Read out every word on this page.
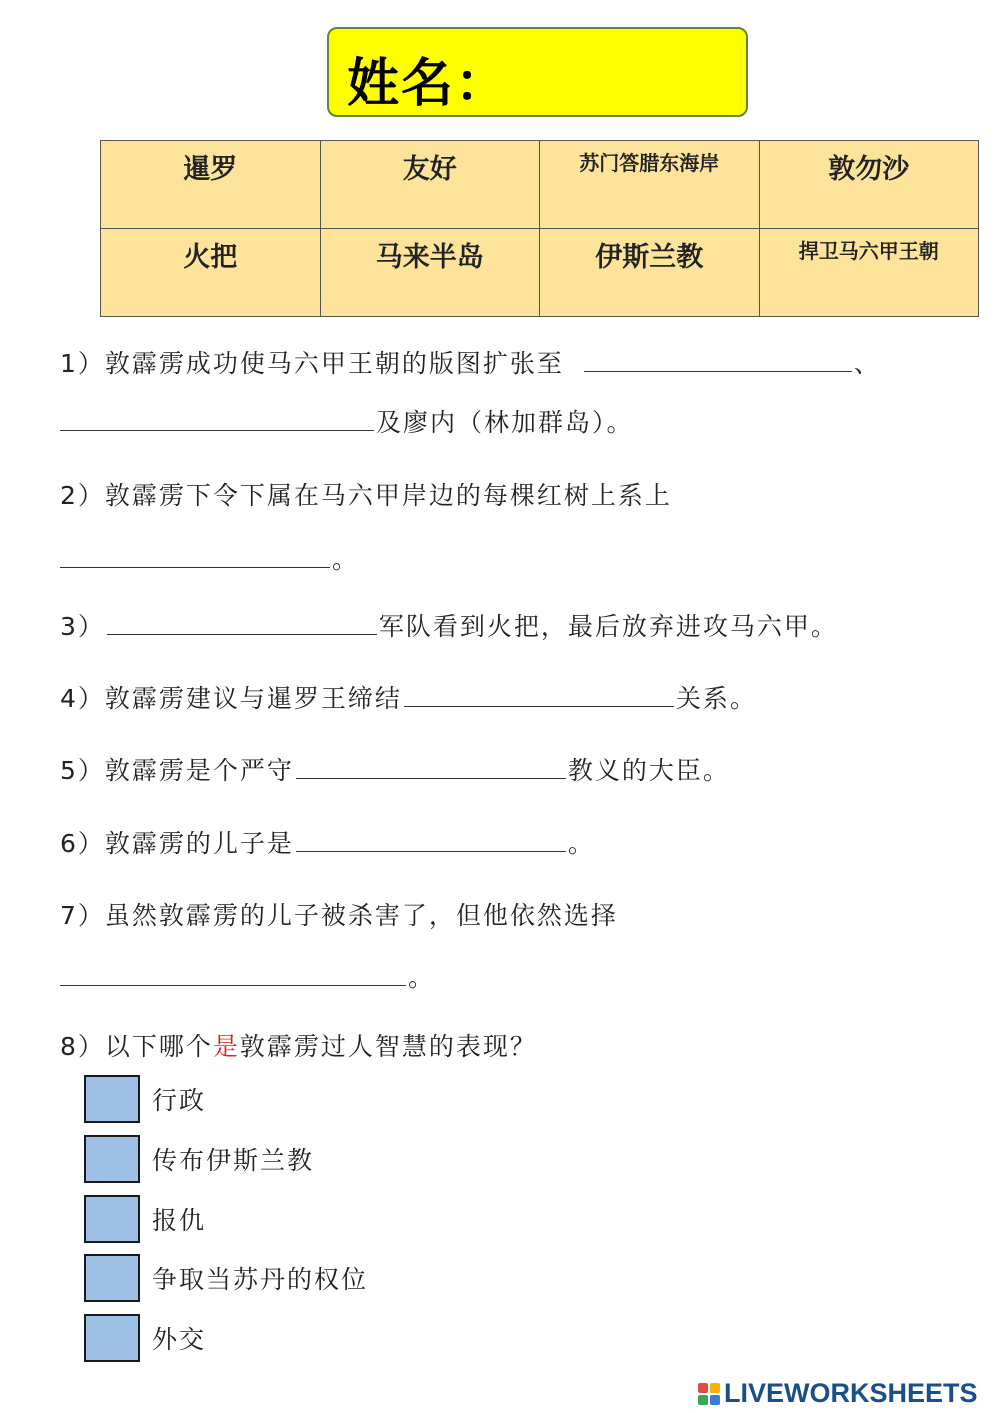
姓名：
暹罗	友好	苏门答腊东海岸	敦勿沙
火把	马来半岛	伊斯兰教	捍卫马六甲王朝
1）敦霹雳成功使马六甲王朝的版图扩张至	、
及廖内（林加群岛）。
2）敦霹雳下令下属在马六甲岸边的每棵红树上系上
。
3）	军队看到火把，最后放弃进攻马六甲。
4）敦霹雳建议与暹罗王缔结	关系。
5）敦霹雳是个严守	教义的大臣。
6）敦霹雳的儿子是	。
7）虽然敦霹雳的儿子被杀害了，但他依然选择
。
8）以下哪个是敦霹雳过人智慧的表现？
行政
传布伊斯兰教
报仇
争取当苏丹的权位
外交
LIVEWORKSHEETS
